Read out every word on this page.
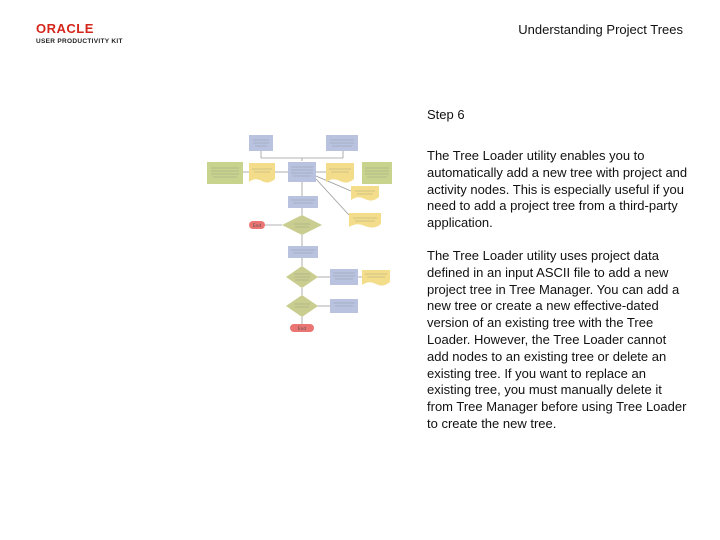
ORACLE
USER PRODUCTIVITY KIT
Understanding Project Trees
Step 6
The Tree Loader utility enables you to automatically add a new tree with project and activity nodes. This is especially useful if you need to add a project tree from a third-party application.
The Tree Loader utility uses project data defined in an input ASCII file to add a new project tree in Tree Manager. You can add a new tree or create a new effective-dated version of an existing tree with the Tree Loader. However, the Tree Loader cannot add nodes to an existing tree or delete an existing tree. If you want to replace an existing tree, you must manually delete it from Tree Manager before using Tree Loader to create the new tree.
End
End
